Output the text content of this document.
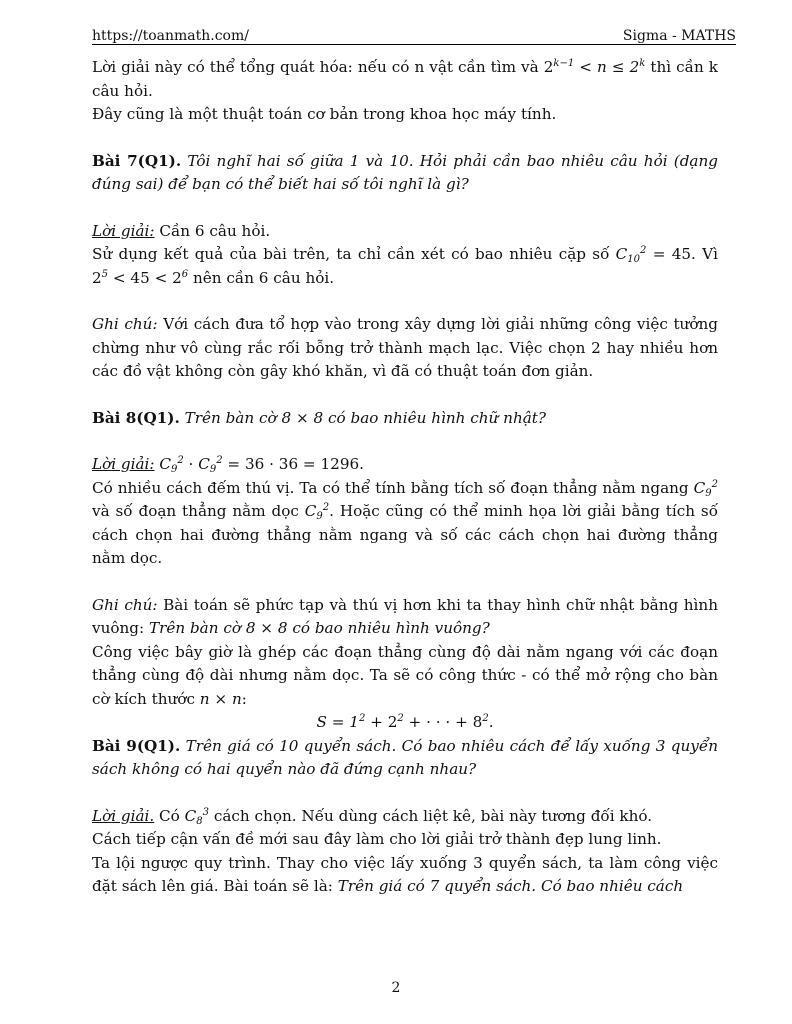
https://toanmath.com/	Sigma - MATHS

Lời giải này có thể tổng quát hóa: nếu có n vật cần tìm và $2^{k-1} < n \le 2^k$ thì cần k câu hỏi.

Đây cũng là một thuật toán cơ bản trong khoa học máy tính.

Bài 7(Q1). Tôi nghĩ hai số giữa 1 và 10. Hỏi phải cần bao nhiêu câu hỏi (dạng đúng sai) để bạn có thể biết hai số tôi nghĩ là gì?

Lời giải: Cần 6 câu hỏi.

Sử dụng kết quả của bài trên, ta chỉ cần xét có bao nhiêu cặp số $C_{10}^2 = 45$. Vì $2^5 < 45 < 2^6$ nên cần 6 câu hỏi.

Ghi chú: Với cách đưa tổ hợp vào trong xây dựng lời giải những công việc tưởng chừng như vô cùng rắc rối bỗng trở thành mạch lạc. Việc chọn 2 hay nhiều hơn các đồ vật không còn gây khó khăn, vì đã có thuật toán đơn giản.

Bài 8(Q1). Trên bàn cờ 8 × 8 có bao nhiêu hình chữ nhật?

Lời giải: $C_9^2 \cdot C_9^2 = 36 \cdot 36 = 1296$.

Có nhiều cách đếm thú vị. Ta có thể tính bằng tích số đoạn thẳng nằm ngang $C_9^2$ và số đoạn thẳng nằm dọc $C_9^2$. Hoặc cũng có thể minh họa lời giải bằng tích số cách chọn hai đường thẳng nằm ngang và số các cách chọn hai đường thẳng nằm dọc.

Ghi chú: Bài toán sẽ phức tạp và thú vị hơn khi ta thay hình chữ nhật bằng hình vuông: Trên bàn cờ 8 × 8 có bao nhiêu hình vuông?

Công việc bây giờ là ghép các đoạn thẳng cùng độ dài nằm ngang với các đoạn thẳng cùng độ dài nhưng nằm dọc. Ta sẽ có công thức - có thể mở rộng cho bàn cờ kích thước n × n:

$S = 1^2 + 2^2$ + · · · + $8^2$.

Bài 9(Q1). Trên giá có 10 quyển sách. Có bao nhiêu cách để lấy xuống 3 quyển sách không có hai quyển nào đã đứng cạnh nhau?

Lời giải. Có $C_8^3$ cách chọn. Nếu dùng cách liệt kê, bài này tương đối khó.

Cách tiếp cận vấn đề mới sau đây làm cho lời giải trở thành đẹp lung linh.

Ta lội ngược quy trình. Thay cho việc lấy xuống 3 quyển sách, ta làm công việc đặt sách lên giá. Bài toán sẽ là: Trên giá có 7 quyển sách. Có bao nhiêu cách

2
